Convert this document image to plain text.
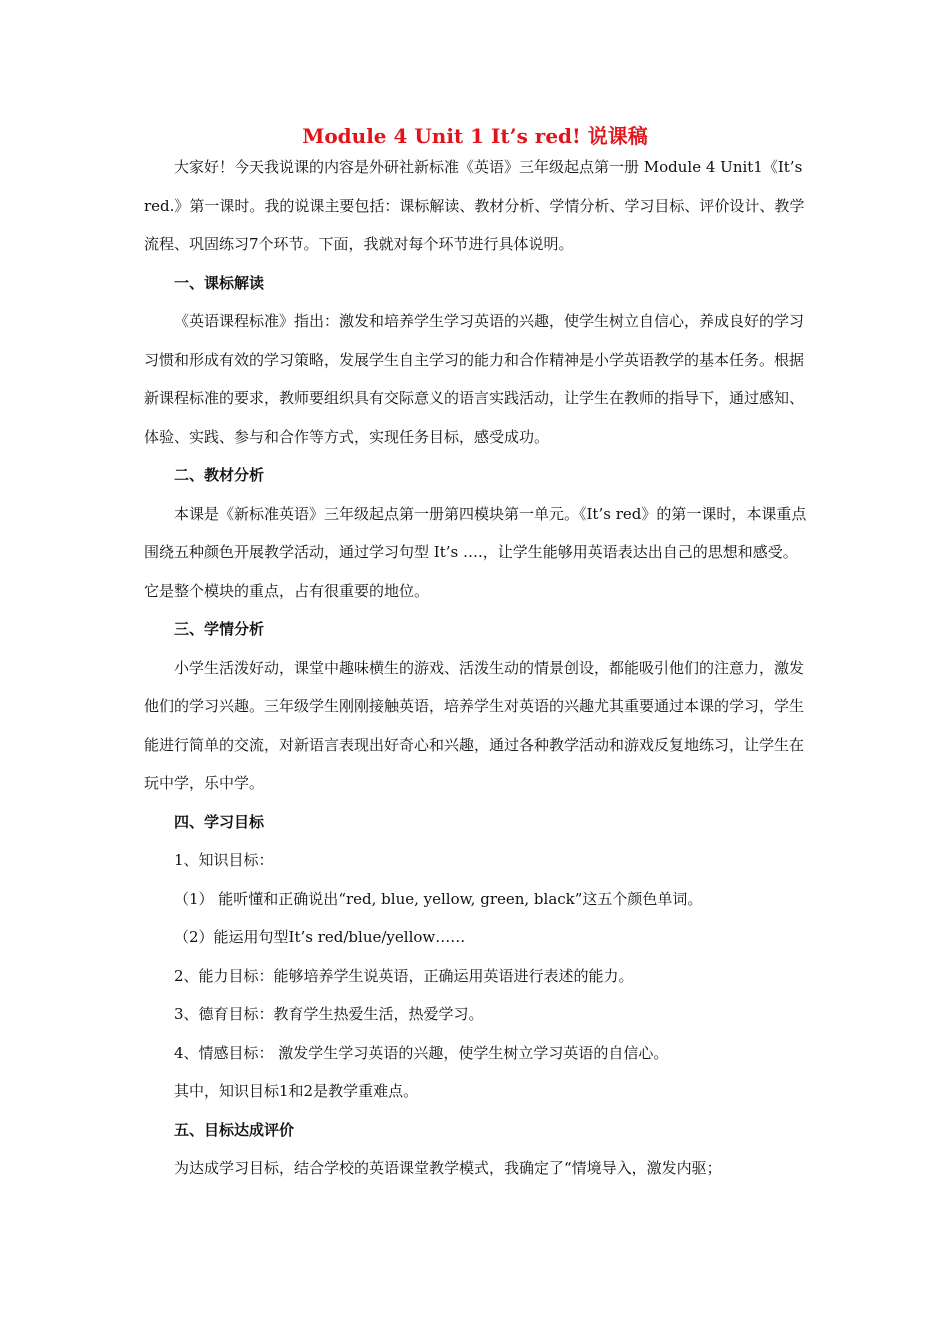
Module 4 Unit 1 It’s red! 说课稿

大家好！今天我说课的内容是外研社新标准《英语》三年级起点第一册 Module 4 Unit1《It’s red.》第一课时。我的说课主要包括：课标解读、教材分析、学情分析、学习目标、评价设计、教学流程、巩固练习7个环节。下面，我就对每个环节进行具体说明。

一、课标解读

《英语课程标准》指出：激发和培养学生学习英语的兴趣，使学生树立自信心，养成良好的学习习惯和形成有效的学习策略，发展学生自主学习的能力和合作精神是小学英语教学的基本任务。根据新课程标准的要求，教师要组织具有交际意义的语言实践活动，让学生在教师的指导下，通过感知、体验、实践、参与和合作等方式，实现任务目标，感受成功。

二、教材分析

本课是《新标准英语》三年级起点第一册第四模块第一单元。《It’s red》的第一课时，本课重点围绕五种颜色开展教学活动，通过学习句型 It’s ….，让学生能够用英语表达出自己的思想和感受。它是整个模块的重点，占有很重要的地位。

三、学情分析

小学生活泼好动，课堂中趣味横生的游戏、活泼生动的情景创设，都能吸引他们的注意力，激发他们的学习兴趣。三年级学生刚刚接触英语，培养学生对英语的兴趣尤其重要通过本课的学习，学生能进行简单的交流，对新语言表现出好奇心和兴趣，通过各种教学活动和游戏反复地练习，让学生在玩中学，乐中学。

四、学习目标

1、知识目标：

（1） 能听懂和正确说出“red, blue, yellow, green, black”这五个颜色单词。

（2）能运用句型It’s red/blue/yellow……

2、能力目标：能够培养学生说英语，正确运用英语进行表述的能力。

3、德育目标：教育学生热爱生活，热爱学习。

4、情感目标： 激发学生学习英语的兴趣，使学生树立学习英语的自信心。

其中，知识目标1和2是教学重难点。

五、目标达成评价

为达成学习目标，结合学校的英语课堂教学模式，我确定了“情境导入，激发内驱；
